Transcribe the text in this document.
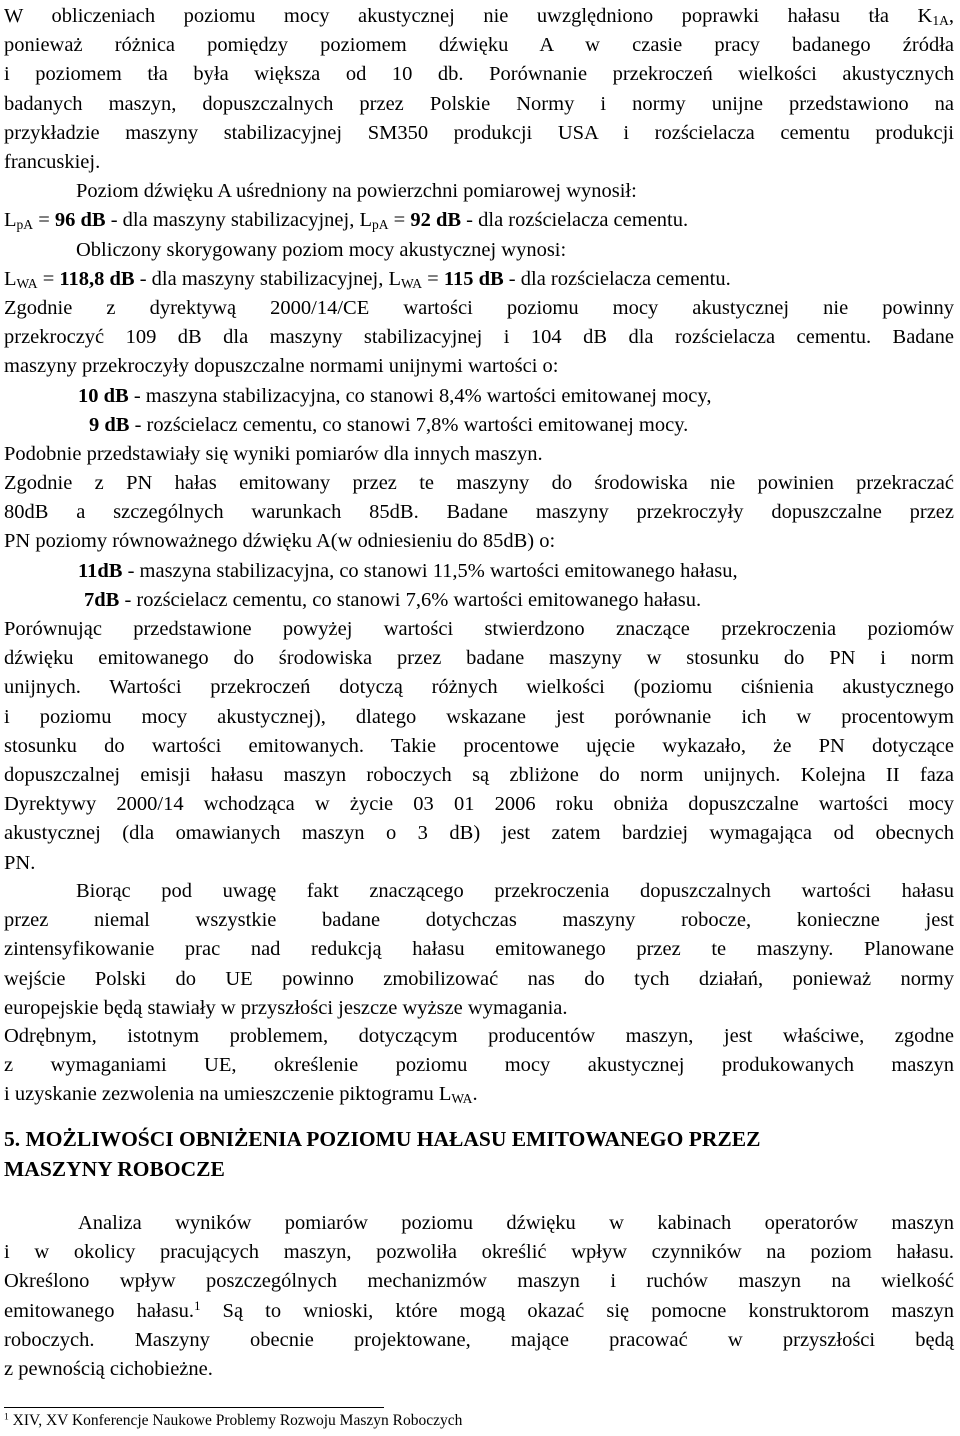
W obliczeniach poziomu mocy akustycznej nie uwzględniono poprawki hałasu tła $K_{1A}$,
ponieważ różnica pomiędzy poziomem dźwięku A w czasie pracy badanego źródła
i poziomem tła była większa od 10 db. Porównanie przekroczeń wielkości akustycznych
badanych maszyn, dopuszczalnych przez Polskie Normy i normy unijne przedstawiono na
przykładzie maszyny stabilizacyjnej SM350 produkcji USA i rozścielacza cementu produkcji
francuskiej.
Poziom dźwięku A uśredniony na powierzchni pomiarowej wynosił:
$L_{pA} = 96$ dB - dla maszyny stabilizacyjnej, $L_{pA} = 92$ dB - dla rozścielacza cementu.
Obliczony skorygowany poziom mocy akustycznej wynosi:
$L_{WA} = 118,8$ dB - dla maszyny stabilizacyjnej, $L_{WA} = 115$ dB - dla rozścielacza cementu.
Zgodnie z dyrektywą 2000/14/CE wartości poziomu mocy akustycznej nie powinny
przekroczyć 109 dB dla maszyny stabilizacyjnej i 104 dB dla rozścielacza cementu. Badane
maszyny przekroczyły dopuszczalne normami unijnymi wartości o:
10 dB - maszyna stabilizacyjna, co stanowi 8,4% wartości emitowanej mocy,
9 dB - rozścielacz cementu, co stanowi 7,8% wartości emitowanej mocy.
Podobnie przedstawiały się wyniki pomiarów dla innych maszyn.
Zgodnie z PN hałas emitowany przez te maszyny do środowiska nie powinien przekraczać
80dB a szczególnych warunkach 85dB. Badane maszyny przekroczyły dopuszczalne przez
PN poziomy równoważnego dźwięku A(w odniesieniu do 85dB) o:
11dB - maszyna stabilizacyjna, co stanowi 11,5% wartości emitowanego hałasu,
7dB - rozścielacz cementu, co stanowi 7,6% wartości emitowanego hałasu.
Porównując przedstawione powyżej wartości stwierdzono znaczące przekroczenia poziomów
dźwięku emitowanego do środowiska przez badane maszyny w stosunku do PN i norm
unijnych. Wartości przekroczeń dotyczą różnych wielkości (poziomu ciśnienia akustycznego
i poziomu mocy akustycznej), dlatego wskazane jest porównanie ich w procentowym
stosunku do wartości emitowanych. Takie procentowe ujęcie wykazało, że PN dotyczące
dopuszczalnej emisji hałasu maszyn roboczych są zbliżone do norm unijnych. Kolejna II faza
Dyrektywy 2000/14 wchodząca w życie 03 01 2006 roku obniża dopuszczalne wartości mocy
akustycznej (dla omawianych maszyn o 3 dB) jest zatem bardziej wymagająca od obecnych
PN.
Biorąc pod uwagę fakt znaczącego przekroczenia dopuszczalnych wartości hałasu
przez niemal wszystkie badane dotychczas maszyny robocze, konieczne jest
zintensyfikowanie prac nad redukcją hałasu emitowanego przez te maszyny. Planowane
wejście Polski do UE powinno zmobilizować nas do tych działań, ponieważ normy
europejskie będą stawiały w przyszłości jeszcze wyższe wymagania.
Odrębnym, istotnym problemem, dotyczącym producentów maszyn, jest właściwe, zgodne
z wymaganiami UE, określenie poziomu mocy akustycznej produkowanych maszyn
i uzyskanie zezwolenia na umieszczenie piktogramu $L_{WA}$.
5. MOŻLIWOŚCI OBNIŻENIA POZIOMU HAŁASU EMITOWANEGO PRZEZ
MASZYNY ROBOCZE
Analiza wyników pomiarów poziomu dźwięku w kabinach operatorów maszyn
i w okolicy pracujących maszyn, pozwoliła określić wpływ czynników na poziom hałasu.
Określono wpływ poszczególnych mechanizmów maszyn i ruchów maszyn na wielkość
emitowanego hałasu.$^1$ Są to wnioski, które mogą okazać się pomocne konstruktorom maszyn
roboczych. Maszyny obecnie projektowane, mające pracować w przyszłości będą
z pewnością cichobieżne.
$^1$ XIV, XV Konferencje Naukowe Problemy Rozwoju Maszyn Roboczych
